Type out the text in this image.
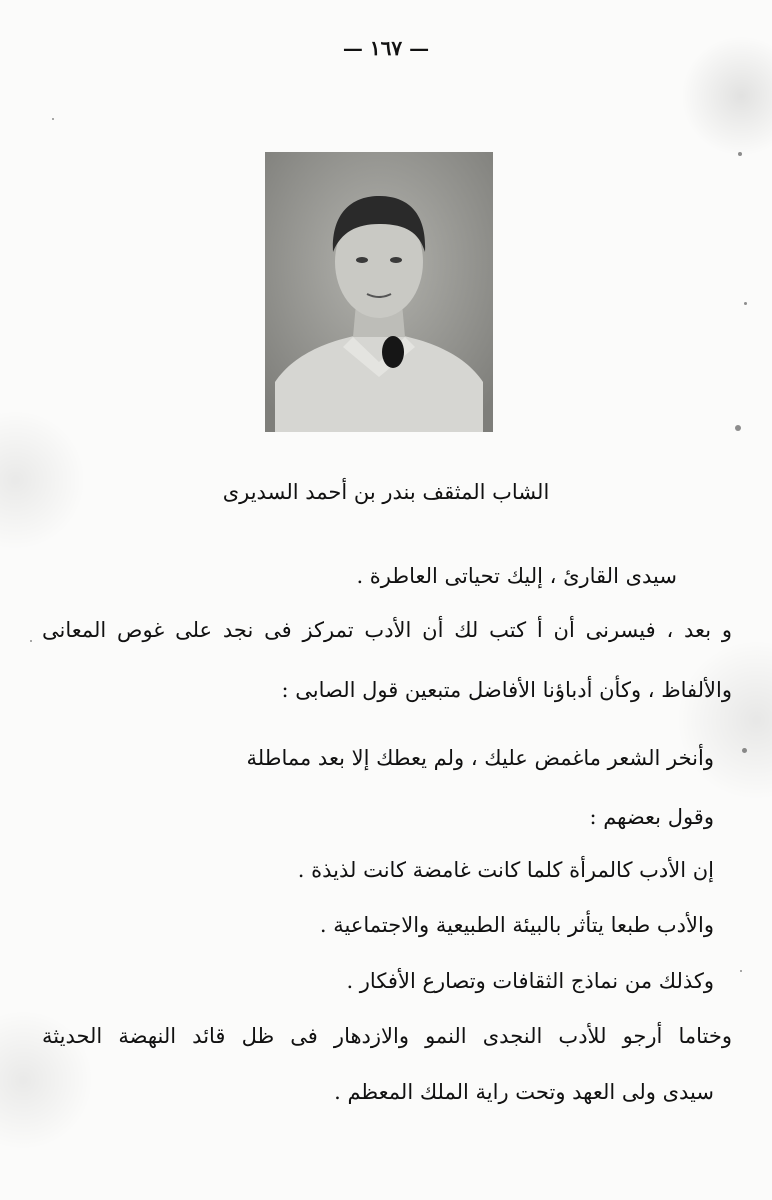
— ١٦٧ —
الشاب المثقف بندر بن أحمد السديرى
سيدى القارئ ، إليك تحياتى العاطرة .
و بعد ، فيسرنى أن أ كتب لك أن الأدب تمركز فى نجد على غوص المعانى
والألفاظ ، وكأن أدباؤنا الأفاضل متبعين قول الصابى :
وأنخر الشعر ماغمض عليك ، ولم يعطك إلا بعد مماطلة
وقول بعضهم :
إن الأدب كالمرأة كلما كانت غامضة كانت لذيذة .
والأدب طبعا يتأثر بالبيئة الطبيعية والاجتماعية .
وكذلك من نماذج الثقافات وتصارع الأفكار .
وختاما أرجو للأدب النجدى النمو والازدهار فى ظل قائد النهضة الحديثة
سيدى ولى العهد وتحت راية الملك المعظم .
